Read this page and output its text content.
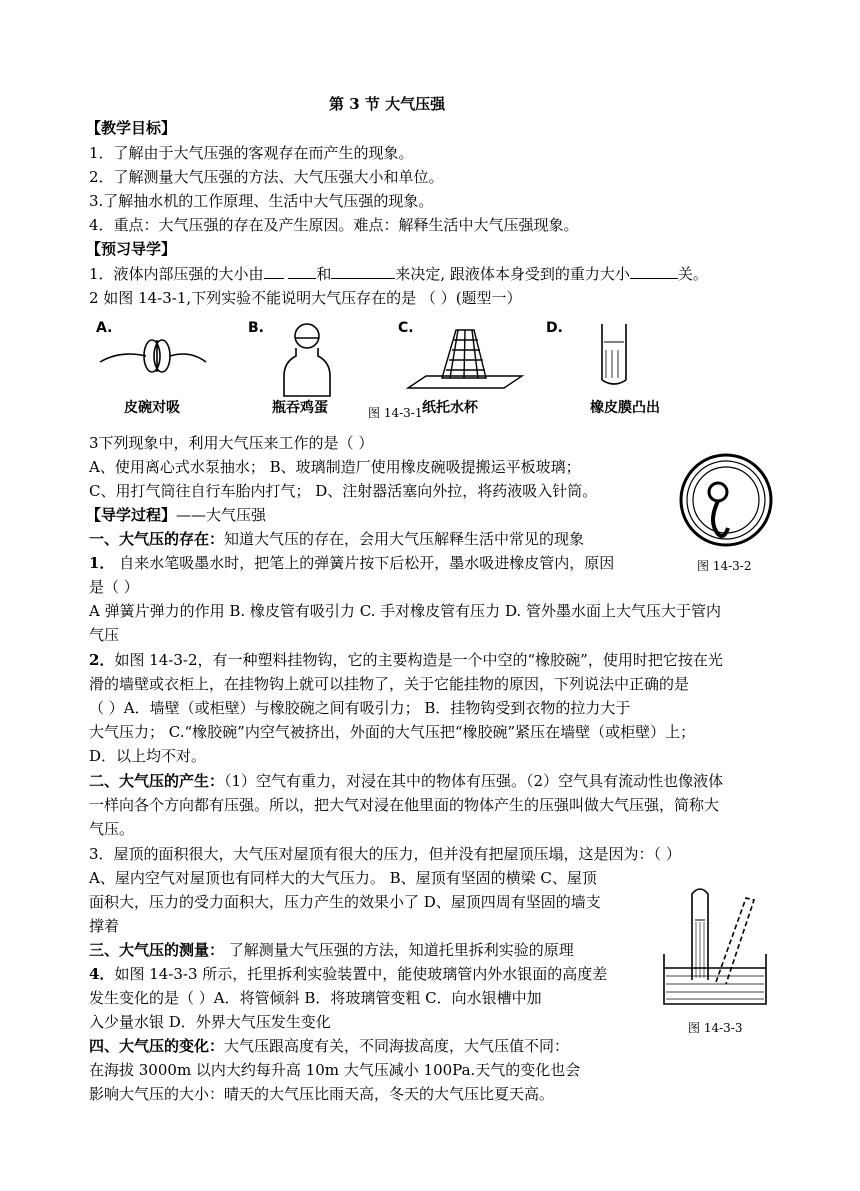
第 3 节 大气压强
【教学目标】
1．了解由于大气压强的客观存在而产生的现象。
2．了解测量大气压强的方法、大气压强大小和单位。
3.了解抽水机的工作原理、生活中大气压强的现象。
4．重点：大气压强的存在及产生原因。难点：解释生活中大气压强现象。
【预习导学】
1．液体内部压强的大小由	和	来决定, 跟液体本身受到的重力大小	关。
2 如图 14-3-1,下列实验不能说明大气压存在的是 （ ）(题型一）
A.	B.	C.	D.
皮碗对吸	瓶吞鸡蛋	纸托水杯	橡皮膜凸出
图 14-3-1
3下列现象中，利用大气压来工作的是（ ）
A、使用离心式水泵抽水； B、玻璃制造厂使用橡皮碗吸提搬运平板玻璃；
C、用打气筒往自行车胎内打气； D、注射器活塞向外拉，将药液吸入针筒。
【导学过程】——大气压强
一、大气压的存在：知道大气压的存在，会用大气压解释生活中常见的现象
1． 自来水笔吸墨水时，把笔上的弹簧片按下后松开，墨水吸进橡皮管内，原因	图 14-3-2
是（ ）
A 弹簧片弹力的作用 B. 橡皮管有吸引力 C. 手对橡皮管有压力 D. 管外墨水面上大气压大于管内
气压
2．如图 14-3-2，有一种塑料挂物钩，它的主要构造是一个中空的“橡胶碗”，使用时把它按在光
滑的墙壁或衣柜上，在挂物钩上就可以挂物了，关于它能挂物的原因，下列说法中正确的是
（ ）A．墙壁（或柜壁）与橡胶碗之间有吸引力； B．挂物钩受到衣物的拉力大于
大气压力； C.“橡胶碗”内空气被挤出，外面的大气压把“橡胶碗”紧压在墙壁（或柜壁）上；
D．以上均不对。
二、大气压的产生：（1）空气有重力，对浸在其中的物体有压强。（2）空气具有流动性也像液体
一样向各个方向都有压强。所以，把大气对浸在他里面的物体产生的压强叫做大气压强，简称大
气压。
3．屋顶的面积很大，大气压对屋顶有很大的压力，但并没有把屋顶压塌，这是因为：（ ）
A、屋内空气对屋顶也有同样大的大气压力。 B、屋顶有坚固的横梁 C、屋顶
面积大，压力的受力面积大，压力产生的效果小了 D、屋顶四周有坚固的墙支
撑着
三、大气压的测量： 了解测量大气压强的方法，知道托里拆利实验的原理
4．如图 14-3-3 所示，托里拆利实验装置中，能使玻璃管内外水银面的高度差
发生变化的是（ ）A．将管倾斜 B．将玻璃管变粗 C．向水银槽中加
入少量水银 D．外界大气压发生变化	图 14-3-3
四、大气压的变化：大气压跟高度有关，不同海拔高度，大气压值不同：
在海拔 3000m 以内大约每升高 10m 大气压减小 100Pa.天气的变化也会
影响大气压的大小：晴天的大气压比雨天高，冬天的大气压比夏天高。
